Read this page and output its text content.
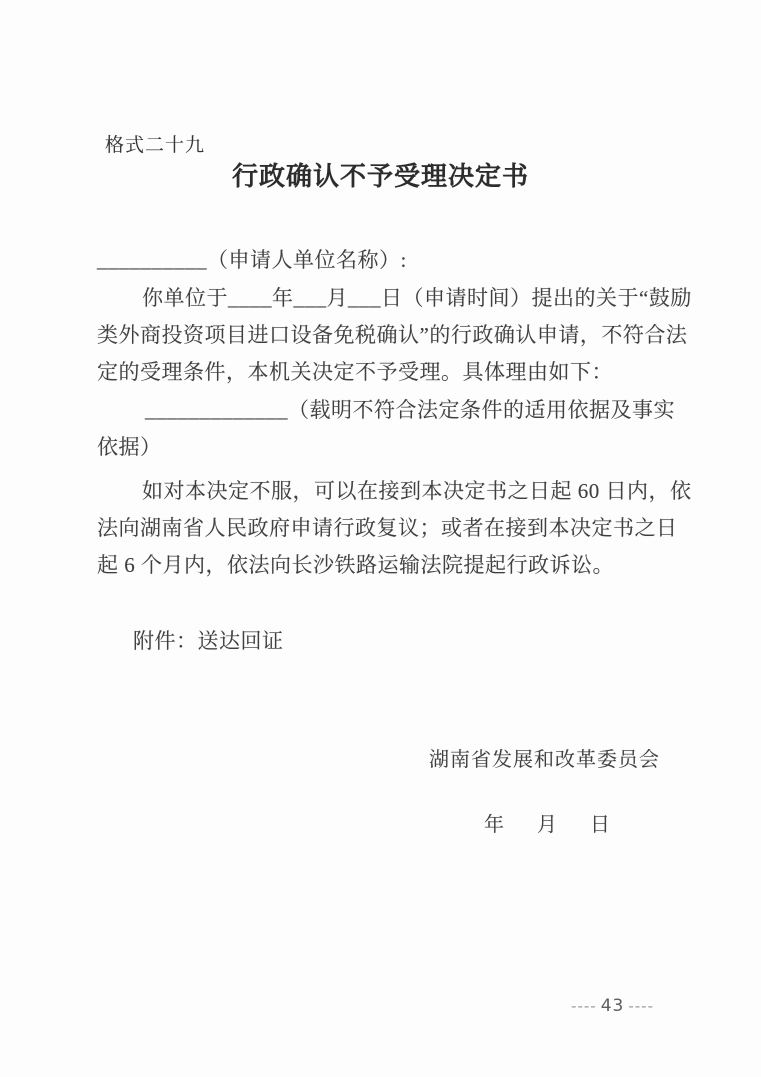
格式二十九
行政确认不予受理决定书
__________（申请人单位名称）:
你单位于____年___月___日（申请时间）提出的关于“鼓励
类外商投资项目进口设备免税确认”的行政确认申请，不符合法
定的受理条件，本机关决定不予受理。具体理由如下：
_____________（载明不符合法定条件的适用依据及事实
依据）
如对本决定不服，可以在接到本决定书之日起 60 日内，依
法向湖南省人民政府申请行政复议；或者在接到本决定书之日
起 6 个月内，依法向长沙铁路运输法院提起行政诉讼。
附件：送达回证
湖南省发展和改革委员会

年 月 日

---- 43 ----
